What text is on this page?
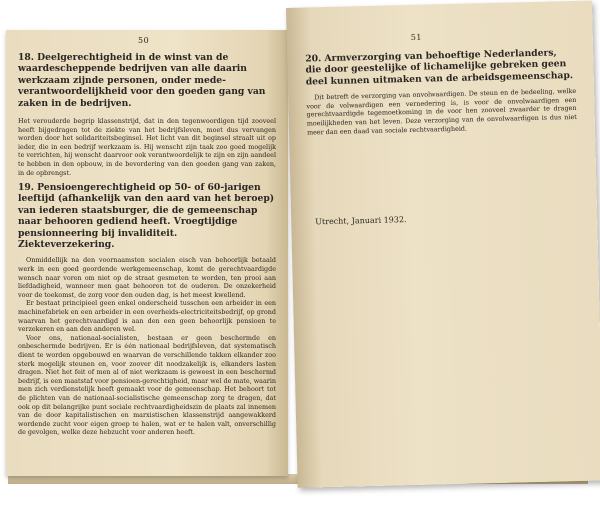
50

18. Deelgerechtigheid in de winst van de waardescheppende bedrijven van alle daarin werkzaam zijnde personen, onder mede-verantwoordelijkheid voor den goeden gang van zaken in de bedrijven.

Het verouderde begrip klassenstrijd, dat in den tegenwoordigen tijd zooveel heeft bijgedragen tot de ziekte van het bedrijfsleven, moet dus vervangen worden door het solidariteitsbeginsel. Het licht van dit beginsel straalt uit op ieder, die in een bedrijf werkzaam is. Hij wenscht zijn taak zoo goed mogelijk te verrichten, hij wenscht daarvoor ook verantwoordelijk te zijn en zijn aandeel te hebben in den opbouw, in de bevordering van den goeden gang van zaken, in de opbrengst.

19. Pensioengerechtigheid op 50- of 60-jarigen leeftijd (afhankelijk van den aard van het beroep) van iederen staatsburger, die de gemeenschap naar behooren gediend heeft. Vroegtijdige pensionneering bij invaliditeit. Ziekteverzekering.

Onmiddellijk na den voornaamsten socialen eisch van behoorlijk betaald werk in een goed geordende werkgemeenschap, komt de gerechtvaardigde wensch naar voren om niet op de straat gesmeten te worden, ten prooi aan liefdadigheid, wanneer men gaat behooren tot de ouderen. De onzekerheid voor de toekomst, de zorg voor den ouden dag, is het meest kwellend.

Er bestaat principieel geen enkel onderscheid tusschen een arbeider in een machinefabriek en een arbeider in een overheids-electriciteitsbedrijf, op grond waarvan het gerechtvaardigd is aan den een geen behoorlijk pensioen te verzekeren en aan den anderen wel.

Voor ons, nationaal-socialisten, bestaan er geen beschermde en onbeschermde bedrijven. Er is één nationaal bedrijfsleven, dat systematisch dient te worden opgebouwd en waarvan de verschillende takken elkander zoo sterk mogelijk steunen en, voor zoover dit noodzakelijk is, elkanders lasten dragen. Niet het feit of men al of niet werkzaam is geweest in een beschermd bedrijf, is een maatstaf voor pensioen-gerechtigheid, maar wel de mate, waarin men zich verdienstelijk heeft gemaakt voor de gemeenschap. Het behoort tot de plichten van de nationaal-socialistische gemeenschap zorg te dragen, dat ook op dit belangrijke punt sociale rechtvaardigheidszin de plaats zal innemen van de door kapitalistischen en marxistischen klassenstrijd aangewakkerd wordende zucht voor eigen groep te halen, wat er te halen valt, onverschillig de gevolgen, welke deze hebzucht voor anderen heeft.

51

20. Armverzorging van behoeftige Nederlanders, die door geestelijke of lichamelijke gebreken geen deel kunnen uitmaken van de arbeidsgemeenschap.

Dit betreft de verzorging van onvolwaardigen. De steun en de bedeeling, welke voor de volwaardigen een vernedering is, is voor de onvolwaardigen een gerechtvaardigde tegemoetkoming in de voor hen zooveel zwaarder te dragen moeilijkheden van het leven. Deze verzorging van de onvolwaardigen is dus niet meer dan een daad van sociale rechtvaardigheid.

Utrecht, Januari 1932.
